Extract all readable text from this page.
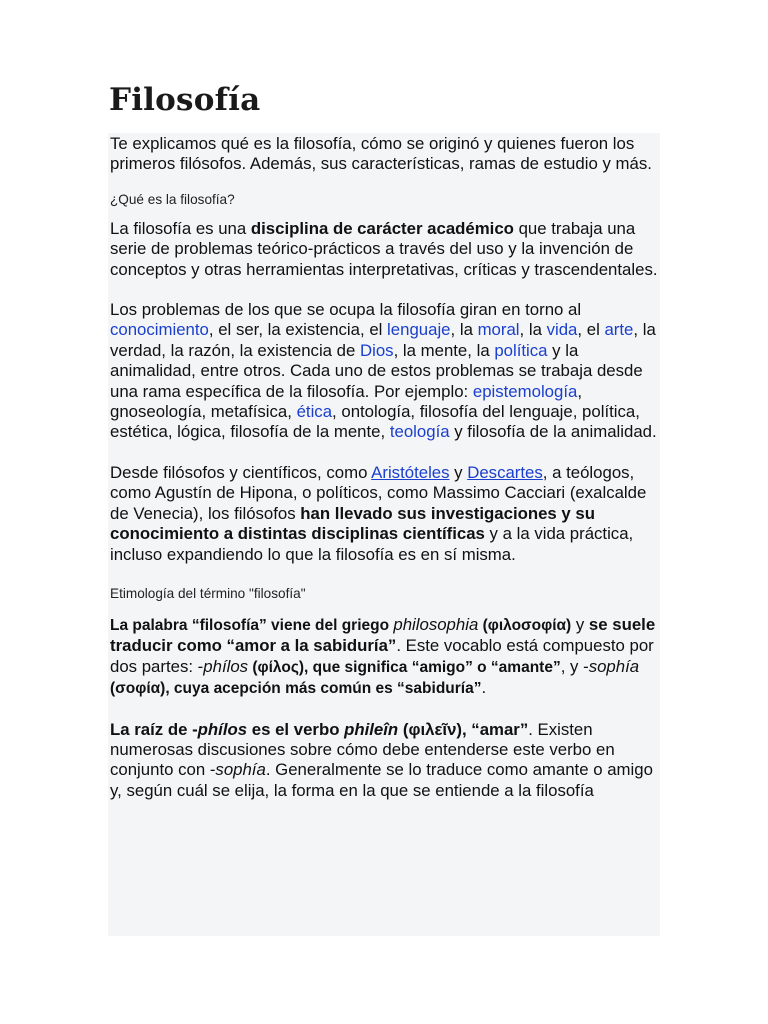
Filosofía

Te explicamos qué es la filosofía, cómo se originó y quienes fueron los primeros filósofos. Además, sus características, ramas de estudio y más.

¿Qué es la filosofía?

La filosofía es una disciplina de carácter académico que trabaja una serie de problemas teórico-prácticos a través del uso y la invención de conceptos y otras herramientas interpretativas, críticas y trascendentales.

Los problemas de los que se ocupa la filosofía giran en torno al conocimiento, el ser, la existencia, el lenguaje, la moral, la vida, el arte, la verdad, la razón, la existencia de Dios, la mente, la política y la animalidad, entre otros. Cada uno de estos problemas se trabaja desde una rama específica de la filosofía. Por ejemplo: epistemología, gnoseología, metafísica, ética, ontología, filosofía del lenguaje, política, estética, lógica, filosofía de la mente, teología y filosofía de la animalidad.

Desde filósofos y científicos, como Aristóteles y Descartes, a teólogos, como Agustín de Hipona, o políticos, como Massimo Cacciari (exalcalde de Venecia), los filósofos han llevado sus investigaciones y su conocimiento a distintas disciplinas científicas y a la vida práctica, incluso expandiendo lo que la filosofía es en sí misma.

Etimología del término "filosofía"

La palabra “filosofía” viene del griego philosophia (φιλοσοφία) y se suele traducir como “amor a la sabiduría”. Este vocablo está compuesto por dos partes: -phílos (φίλος), que significa “amigo” o “amante”, y -sophía (σοφία), cuya acepción más común es “sabiduría”.

La raíz de -phílos es el verbo phileîn (φιλεῖν), “amar”. Existen numerosas discusiones sobre cómo debe entenderse este verbo en conjunto con -sophía. Generalmente se lo traduce como amante o amigo y, según cuál se elija, la forma en la que se entiende a la filosofía
